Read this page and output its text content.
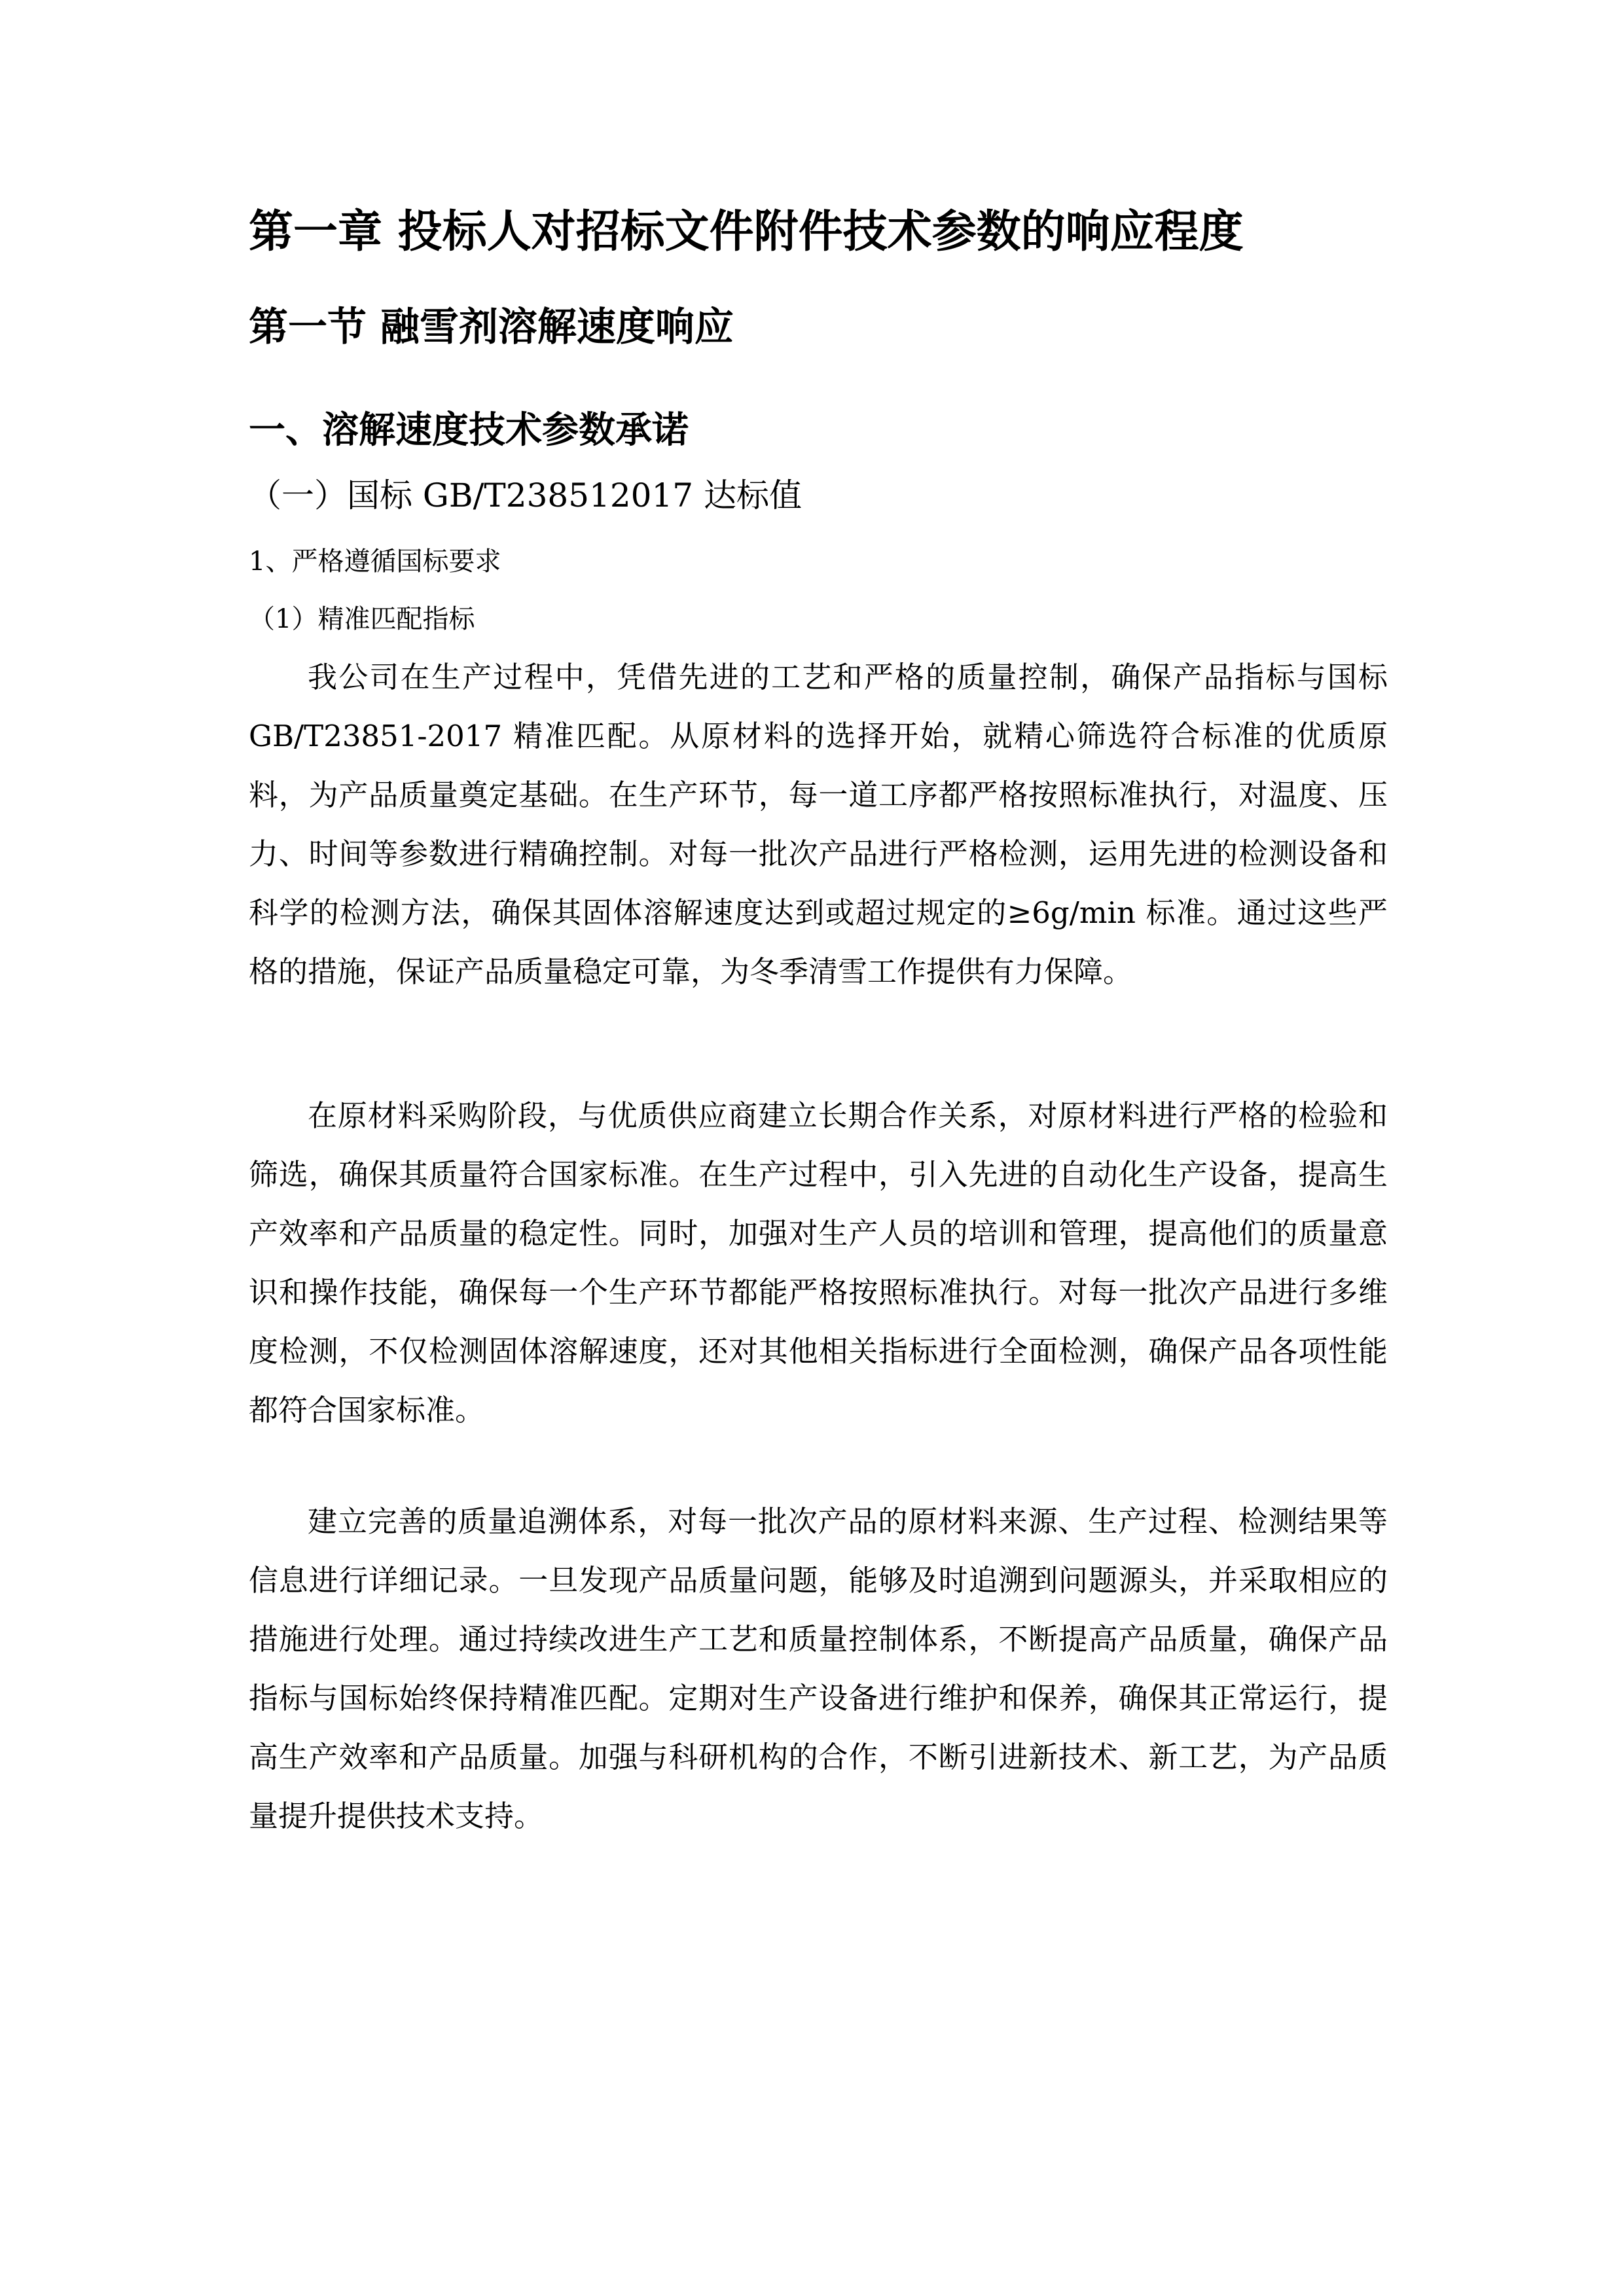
第一章 投标人对招标文件附件技术参数的响应程度
第一节 融雪剂溶解速度响应
一、溶解速度技术参数承诺

（一）国标 GB/T238512017 达标值

1、严格遵循国标要求

（1）精准匹配指标

我公司在生产过程中，凭借先进的工艺和严格的质量控制，确保产品指标与国标 GB/T23851-2017 精准匹配。从原材料的选择开始，就精心筛选符合标准的优质原料，为产品质量奠定基础。在生产环节，每一道工序都严格按照标准执行，对温度、压力、时间等参数进行精确控制。对每一批次产品进行严格检测，运用先进的检测设备和科学的检测方法，确保其固体溶解速度达到或超过规定的≥6g/min 标准。通过这些严格的措施，保证产品质量稳定可靠，为冬季清雪工作提供有力保障。

在原材料采购阶段，与优质供应商建立长期合作关系，对原材料进行严格的检验和筛选，确保其质量符合国家标准。在生产过程中，引入先进的自动化生产设备，提高生产效率和产品质量的稳定性。同时，加强对生产人员的培训和管理，提高他们的质量意识和操作技能，确保每一个生产环节都能严格按照标准执行。对每一批次产品进行多维度检测，不仅检测固体溶解速度，还对其他相关指标进行全面检测，确保产品各项性能都符合国家标准。

建立完善的质量追溯体系，对每一批次产品的原材料来源、生产过程、检测结果等信息进行详细记录。一旦发现产品质量问题，能够及时追溯到问题源头，并采取相应的措施进行处理。通过持续改进生产工艺和质量控制体系，不断提高产品质量，确保产品指标与国标始终保持精准匹配。定期对生产设备进行维护和保养，确保其正常运行，提高生产效率和产品质量。加强与科研机构的合作，不断引进新技术、新工艺，为产品质量提升提供技术支持。
